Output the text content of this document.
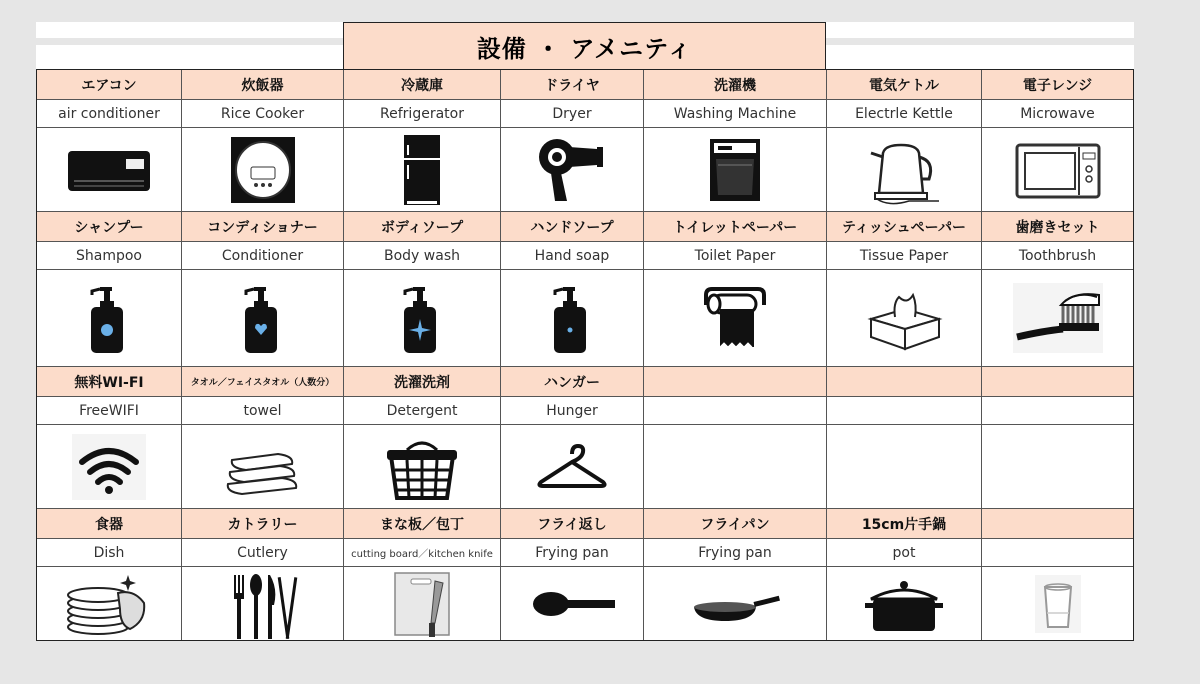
設備 ・ アメニティ
エアコン	炊飯器	冷蔵庫	ドライヤ	洗濯機	電気ケトル	電子レンジ
air conditioner	Rice Cooker	Refrigerator	Dryer	Washing Machine	Electrle Kettle	Microwave
シャンプー	コンディショナー	ボディソープ	ハンドソープ	トイレットペーパー	ティッシュペーパー	歯磨きセット
Shampoo	Conditioner	Body wash	Hand soap	Toilet Paper	Tissue Paper	Toothbrush
無料WI-FI	タオル／フェイスタオル（人数分）	洗濯洗剤	ハンガー
FreeWIFI	towel	Detergent	Hunger
食器	カトラリー	まな板／包丁	フライ返し	フライパン	15cm片手鍋
Dish	Cutlery	cutting board／kitchen knife	Frying pan	Frying pan	pot
